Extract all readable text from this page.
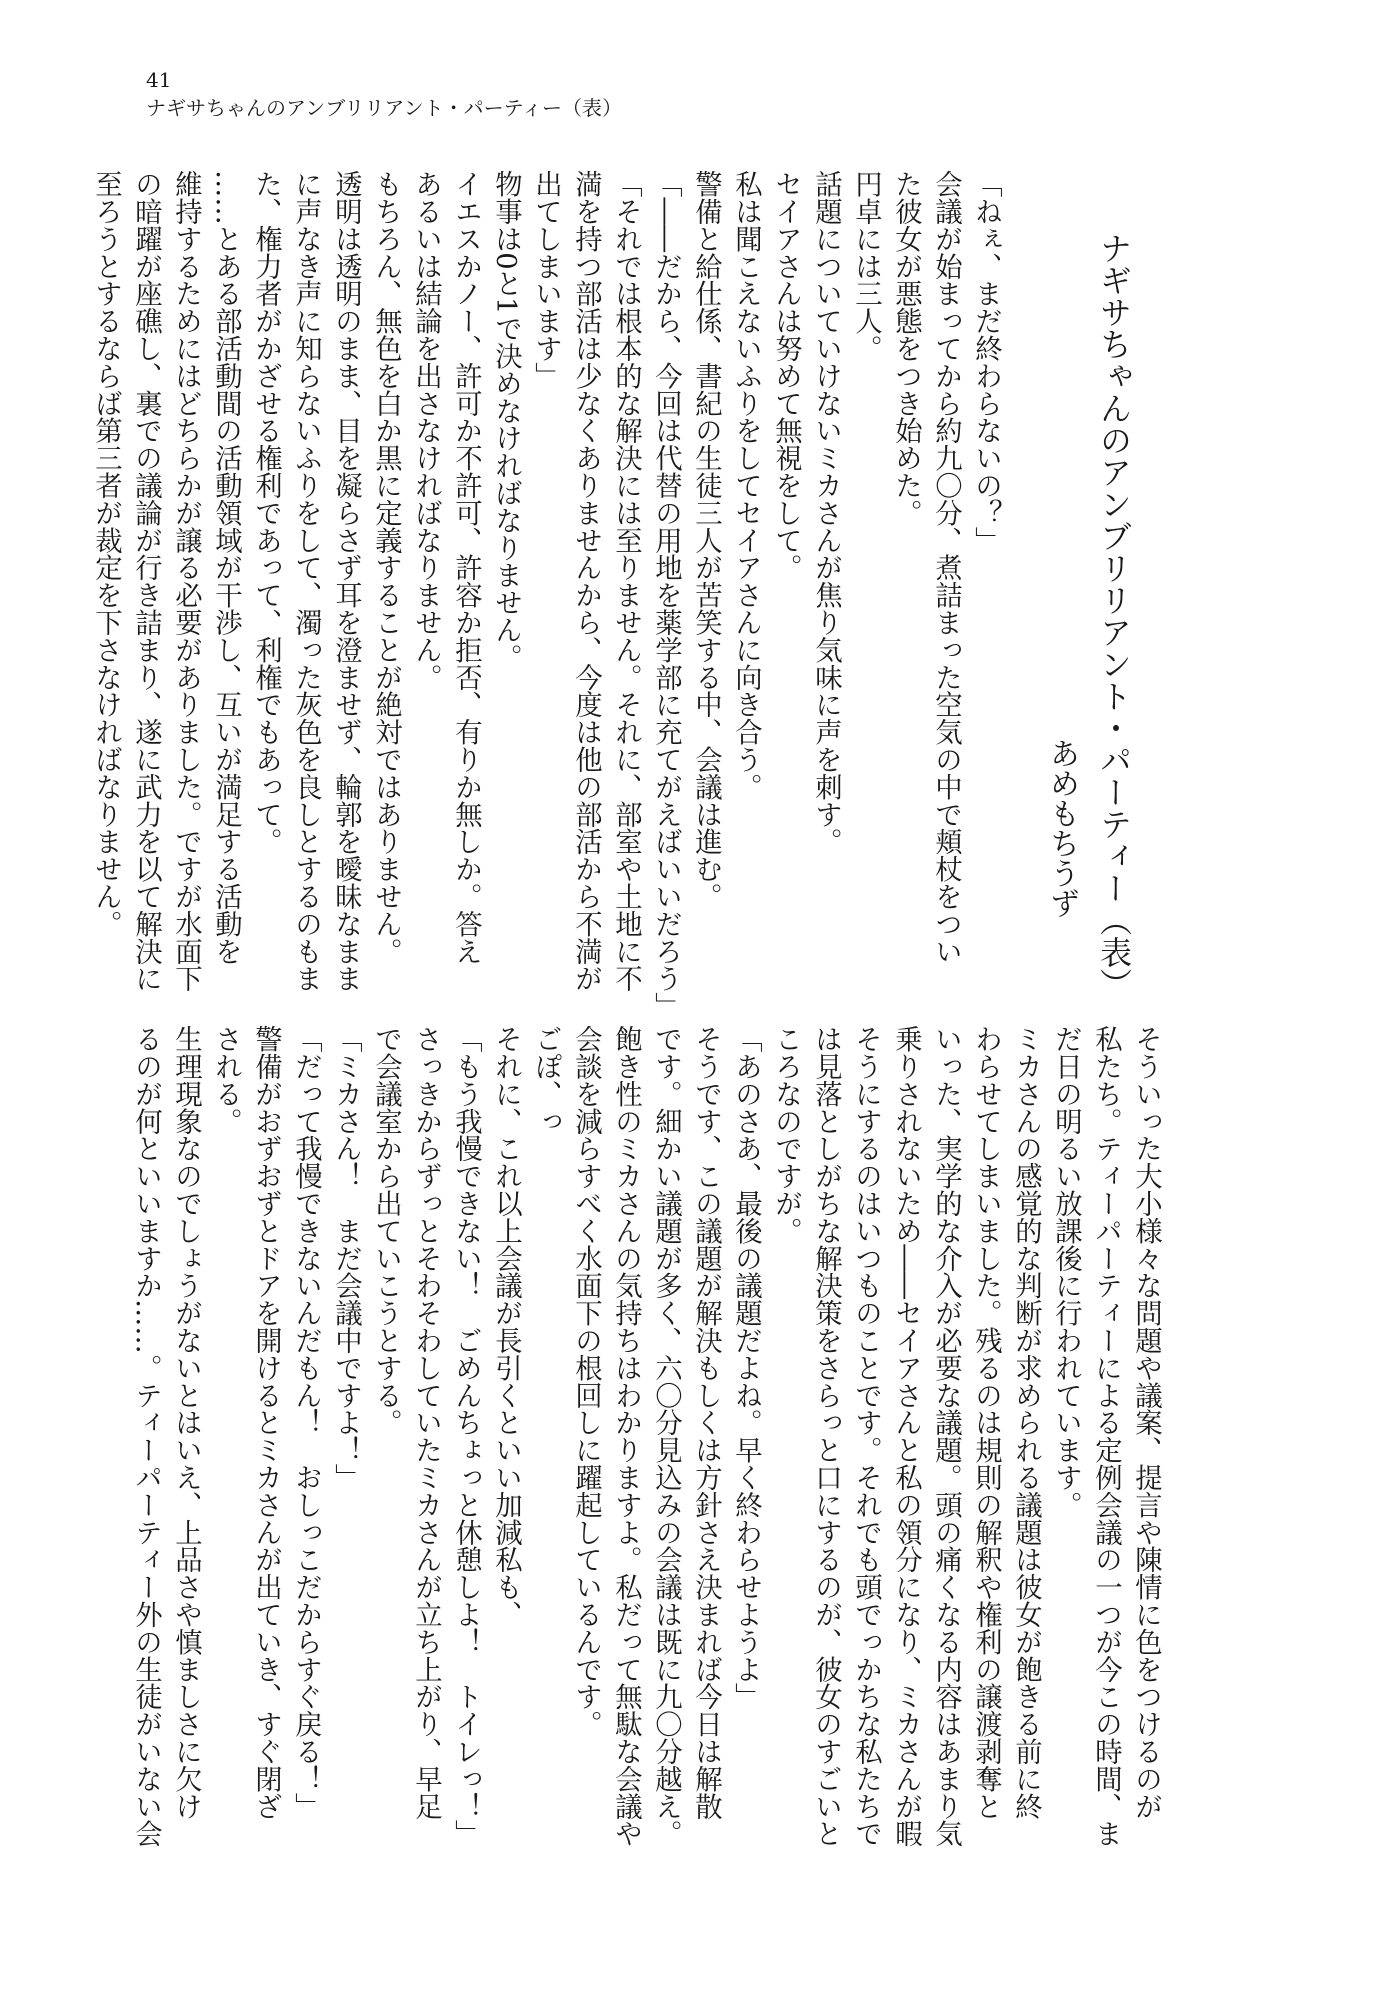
41
ナギサちゃんのアンブリリアント・パーティー（表）
ナギサちゃんのアンブリリアント・パーティー（表）
あめもちうず

「ねぇ、まだ終わらないの？」

会議が始まってから約九〇分、煮詰まった空気の中で頬杖をつい

た彼女が悪態をつき始めた。

円卓には三人。

話題についていけないミカさんが焦り気味に声を刺す。

セイアさんは努めて無視をして。

私は聞こえないふりをしてセイアさんに向き合う。

警備と給仕係、書紀の生徒三人が苦笑する中、会議は進む。

「――だから、今回は代替の用地を薬学部に充てがえばいいだろう」

「それでは根本的な解決には至りません。それに、部室や土地に不

満を持つ部活は少なくありませんから、今度は他の部活から不満が

出てしまいます」

物事は0と1で決めなければなりません。

イエスかノー、許可か不許可、許容か拒否、有りか無しか。答え

あるいは結論を出さなければなりません。

もちろん、無色を白か黒に定義することが絶対ではありません。

透明は透明のまま、目を凝らさず耳を澄ませず、輪郭を曖昧なまま

に声なき声に知らないふりをして、濁った灰色を良しとするのもま

た、権力者がかざせる権利であって、利権でもあって。

……とある部活動間の活動領域が干渉し、互いが満足する活動を

維持するためにはどちらかが譲る必要がありました。ですが水面下

の暗躍が座礁し、裏での議論が行き詰まり、遂に武力を以て解決に

至ろうとするならば第三者が裁定を下さなければなりません。

そういった大小様々な問題や議案、提言や陳情に色をつけるのが

私たち。ティーパーティーによる定例会議の一つが今この時間、ま

だ日の明るい放課後に行われています。

ミカさんの感覚的な判断が求められる議題は彼女が飽きる前に終

わらせてしまいました。残るのは規則の解釈や権利の譲渡剥奪と

いった、実学的な介入が必要な議題。頭の痛くなる内容はあまり気

乗りされないため――セイアさんと私の領分になり、ミカさんが暇

そうにするのはいつものことです。それでも頭でっかちな私たちで

は見落としがちな解決策をさらっと口にするのが、彼女のすごいと

ころなのですが。

「あのさあ、最後の議題だよね。早く終わらせようよ」

そうです、この議題が解決もしくは方針さえ決まれば今日は解散

です。細かい議題が多く、六〇分見込みの会議は既に九〇分越え。

飽き性のミカさんの気持ちはわかりますよ。私だって無駄な会議や

会談を減らすべく水面下の根回しに躍起しているんです。

ごぽ、っ

それに、これ以上会議が長引くといい加減私も、

「もう我慢できない！　ごめんちょっと休憩しよ！　トイレっ！」

さっきからずっとそわそわしていたミカさんが立ち上がり、早足

で会議室から出ていこうとする。

「ミカさん！　まだ会議中ですよ！」

「だって我慢できないんだもん！　おしっこだからすぐ戻る！」

警備がおずおずとドアを開けるとミカさんが出ていき、すぐ閉ざ

される。

生理現象なのでしょうがないとはいえ、上品さや慎ましさに欠け

るのが何といいますか……。ティーパーティー外の生徒がいない会
